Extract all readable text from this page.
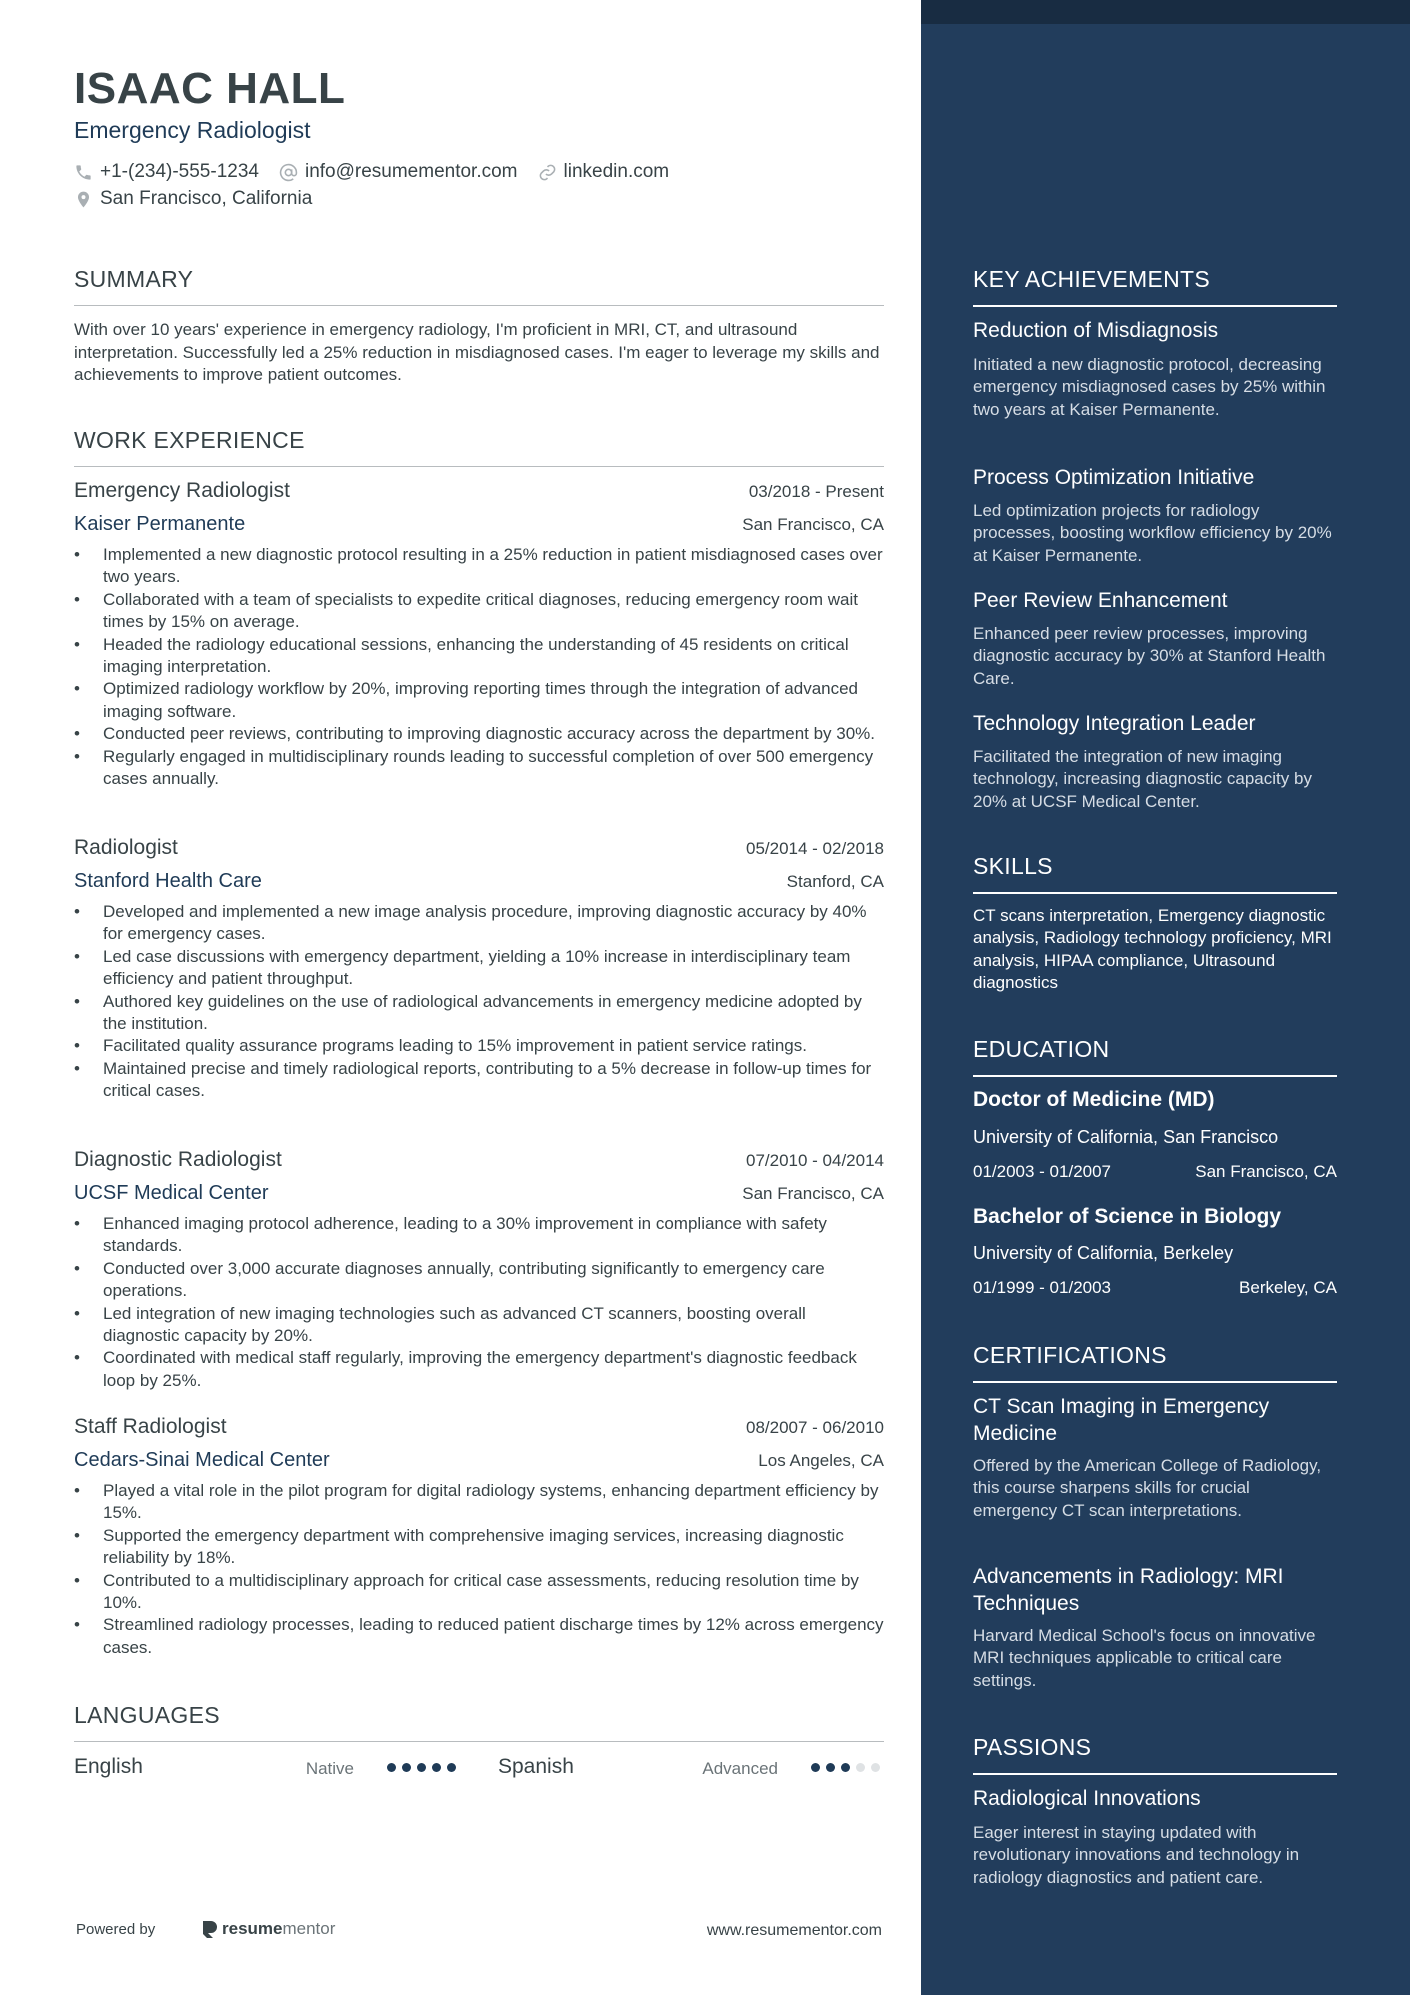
ISAAC HALL
Emergency Radiologist
+1-(234)-555-1234 info@resumementor.com linkedin.com
San Francisco, California
SUMMARY
With over 10 years' experience in emergency radiology, I'm proficient in MRI, CT, and ultrasound interpretation. Successfully led a 25% reduction in misdiagnosed cases. I'm eager to leverage my skills and achievements to improve patient outcomes.
WORK EXPERIENCE
Emergency Radiologist	03/2018 - Present
Kaiser Permanente	San Francisco, CA
• Implemented a new diagnostic protocol resulting in a 25% reduction in patient misdiagnosed cases over two years.
• Collaborated with a team of specialists to expedite critical diagnoses, reducing emergency room wait times by 15% on average.
• Headed the radiology educational sessions, enhancing the understanding of 45 residents on critical imaging interpretation.
• Optimized radiology workflow by 20%, improving reporting times through the integration of advanced imaging software.
• Conducted peer reviews, contributing to improving diagnostic accuracy across the department by 30%.
• Regularly engaged in multidisciplinary rounds leading to successful completion of over 500 emergency cases annually.
Radiologist	05/2014 - 02/2018
Stanford Health Care	Stanford, CA
• Developed and implemented a new image analysis procedure, improving diagnostic accuracy by 40% for emergency cases.
• Led case discussions with emergency department, yielding a 10% increase in interdisciplinary team efficiency and patient throughput.
• Authored key guidelines on the use of radiological advancements in emergency medicine adopted by the institution.
• Facilitated quality assurance programs leading to 15% improvement in patient service ratings.
• Maintained precise and timely radiological reports, contributing to a 5% decrease in follow-up times for critical cases.
Diagnostic Radiologist	07/2010 - 04/2014
UCSF Medical Center	San Francisco, CA
• Enhanced imaging protocol adherence, leading to a 30% improvement in compliance with safety standards.
• Conducted over 3,000 accurate diagnoses annually, contributing significantly to emergency care operations.
• Led integration of new imaging technologies such as advanced CT scanners, boosting overall diagnostic capacity by 20%.
• Coordinated with medical staff regularly, improving the emergency department's diagnostic feedback loop by 25%.
Staff Radiologist	08/2007 - 06/2010
Cedars-Sinai Medical Center	Los Angeles, CA
• Played a vital role in the pilot program for digital radiology systems, enhancing department efficiency by 15%.
• Supported the emergency department with comprehensive imaging services, increasing diagnostic reliability by 18%.
• Contributed to a multidisciplinary approach for critical case assessments, reducing resolution time by 10%.
• Streamlined radiology processes, leading to reduced patient discharge times by 12% across emergency cases.
LANGUAGES
English	Native	Spanish	Advanced
Powered by	resume mentor	www.resumementor.com
KEY ACHIEVEMENTS
Reduction of Misdiagnosis
Initiated a new diagnostic protocol, decreasing emergency misdiagnosed cases by 25% within two years at Kaiser Permanente.
Process Optimization Initiative
Led optimization projects for radiology processes, boosting workflow efficiency by 20% at Kaiser Permanente.
Peer Review Enhancement
Enhanced peer review processes, improving diagnostic accuracy by 30% at Stanford Health Care.
Technology Integration Leader
Facilitated the integration of new imaging technology, increasing diagnostic capacity by 20% at UCSF Medical Center.
SKILLS
CT scans interpretation, Emergency diagnostic analysis, Radiology technology proficiency, MRI analysis, HIPAA compliance, Ultrasound diagnostics
EDUCATION
Doctor of Medicine (MD)
University of California, San Francisco
01/2003 - 01/2007	San Francisco, CA
Bachelor of Science in Biology
University of California, Berkeley
01/1999 - 01/2003	Berkeley, CA
CERTIFICATIONS
CT Scan Imaging in Emergency Medicine
Offered by the American College of Radiology, this course sharpens skills for crucial emergency CT scan interpretations.
Advancements in Radiology: MRI Techniques
Harvard Medical School's focus on innovative MRI techniques applicable to critical care settings.
PASSIONS
Radiological Innovations
Eager interest in staying updated with revolutionary innovations and technology in radiology diagnostics and patient care.
